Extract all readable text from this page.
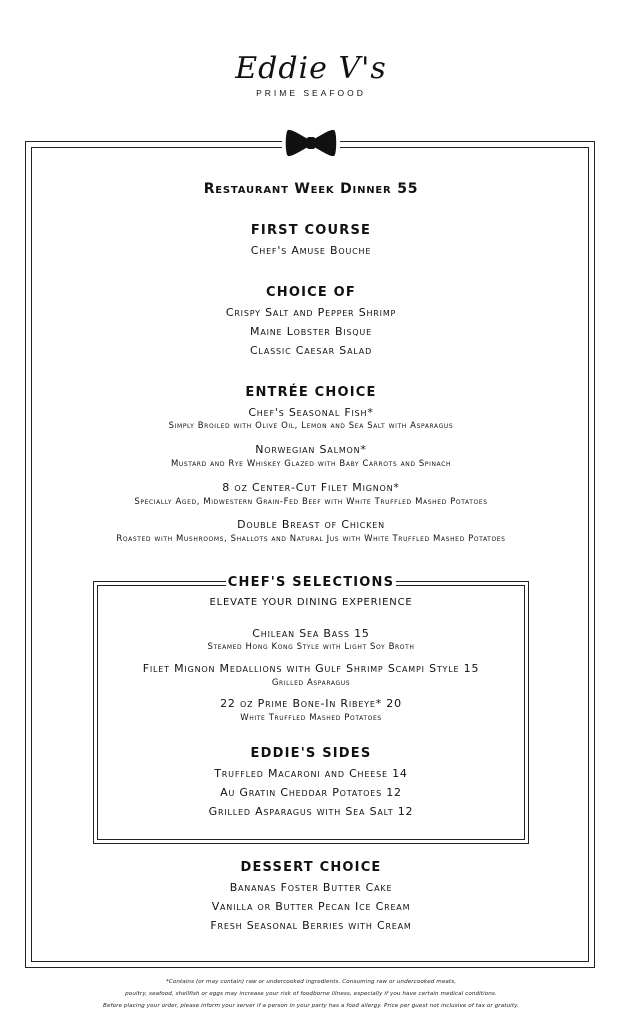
Eddie V's
PRIME SEAFOOD
Restaurant Week Dinner 55
FIRST COURSE
Chef's Amuse Bouche
CHOICE OF
Crispy Salt and Pepper Shrimp
Maine Lobster Bisque
Classic Caesar Salad
ENTRÉE CHOICE
Chef's Seasonal Fish*
Simply Broiled with Olive Oil, Lemon and Sea Salt with Asparagus
Norwegian Salmon*
Mustard and Rye Whiskey Glazed with Baby Carrots and Spinach
8 oz Center-Cut Filet Mignon*
Specially Aged, Midwestern Grain-Fed Beef with White Truffled Mashed Potatoes
Double Breast of Chicken
Roasted with Mushrooms, Shallots and Natural Jus with White Truffled Mashed Potatoes
CHEF'S SELECTIONS
ELEVATE YOUR DINING EXPERIENCE
Chilean Sea Bass 15
Steamed Hong Kong Style with Light Soy Broth
Filet Mignon Medallions with Gulf Shrimp Scampi Style 15
Grilled Asparagus
22 oz Prime Bone-In Ribeye* 20
White Truffled Mashed Potatoes
EDDIE'S SIDES
Truffled Macaroni and Cheese 14
Au Gratin Cheddar Potatoes 12
Grilled Asparagus with Sea Salt 12
DESSERT CHOICE
Bananas Foster Butter Cake
Vanilla or Butter Pecan Ice Cream
Fresh Seasonal Berries with Cream
*Contains (or may contain) raw or undercooked ingredients. Consuming raw or undercooked meats,
poultry, seafood, shellfish or eggs may increase your risk of foodborne illness, especially if you have certain medical conditions.
Before placing your order, please inform your server if a person in your party has a food allergy. Price per guest not inclusive of tax or gratuity.
